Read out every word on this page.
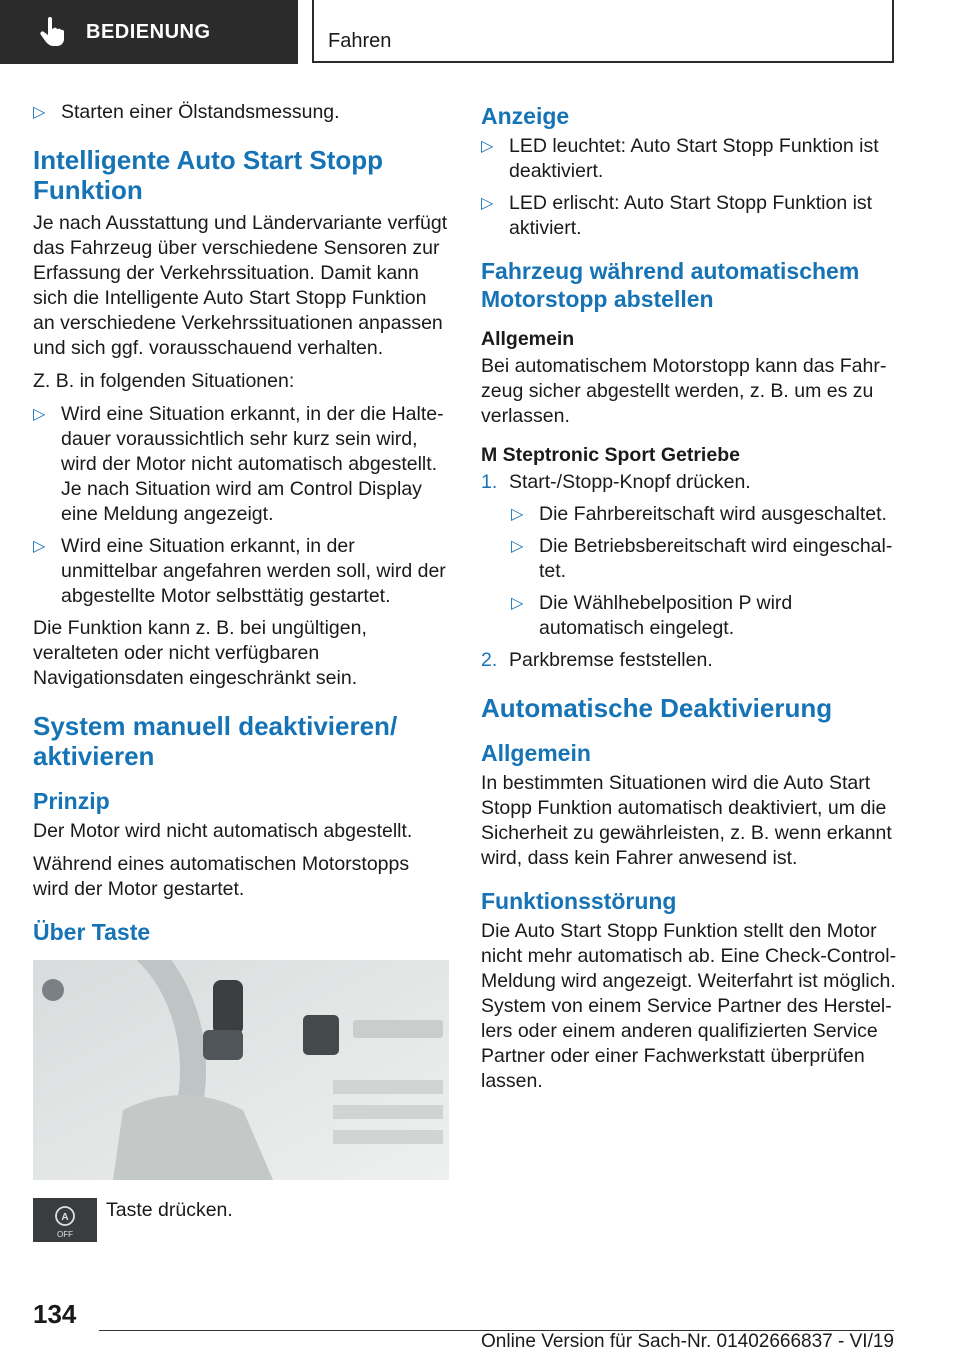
BEDIENUNG	Fahren
▷ Starten einer Ölstandsmessung.
Intelligente Auto Start Stopp Funktion

Je nach Ausstattung und Ländervariante verfügt das Fahrzeug über verschiedene Sensoren zur Erfassung der Verkehrssituation. Damit kann sich die Intelligente Auto Start Stopp Funktion an verschiedene Verkehrssituationen anpassen und sich ggf. vorausschauend verhalten.

Z. B. in folgenden Situationen:

▷ Wird eine Situation erkannt, in der die Haltedauer voraussichtlich sehr kurz sein wird, wird der Motor nicht automatisch abgestellt. Je nach Situation wird am Control Display eine Meldung angezeigt.
▷ Wird eine Situation erkannt, in der unmittelbar angefahren werden soll, wird der abgestellte Motor selbsttätig gestartet.

Die Funktion kann z. B. bei ungültigen, veralteten oder nicht verfügbaren Navigationsdaten eingeschränkt sein.

System manuell deaktivieren/ aktivieren
Prinzip

Der Motor wird nicht automatisch abgestellt.

Während eines automatischen Motorstopps wird der Motor gestartet.

Über Taste
A
OFF
Taste drücken.
Anzeige
▷ LED leuchtet: Auto Start Stopp Funktion ist deaktiviert.
▷ LED erlischt: Auto Start Stopp Funktion ist aktiviert.
Fahrzeug während automatischem Motorstopp abstellen
Allgemein

Bei automatischem Motorstopp kann das Fahrzeug sicher abgestellt werden, z. B. um es zu verlassen.

M Steptronic Sport Getriebe
1. Start-/Stopp-Knopf drücken.
▷ Die Fahrbereitschaft wird ausgeschaltet.
▷ Die Betriebsbereitschaft wird eingeschaltet.
▷ Die Wählhebelposition P wird automatisch eingelegt.
2. Parkbremse feststellen.
Automatische Deaktivierung
Allgemein

In bestimmten Situationen wird die Auto Start Stopp Funktion automatisch deaktiviert, um die Sicherheit zu gewährleisten, z. B. wenn erkannt wird, dass kein Fahrer anwesend ist.

Funktionsstörung

Die Auto Start Stopp Funktion stellt den Motor nicht mehr automatisch ab. Eine Check-Control-Meldung wird angezeigt. Weiterfahrt ist möglich. System von einem Service Partner des Herstellers oder einem anderen qualifizierten Service Partner oder einer Fachwerkstatt überprüfen lassen.

134
Online Version für Sach-Nr. 01402666837 - VI/19
